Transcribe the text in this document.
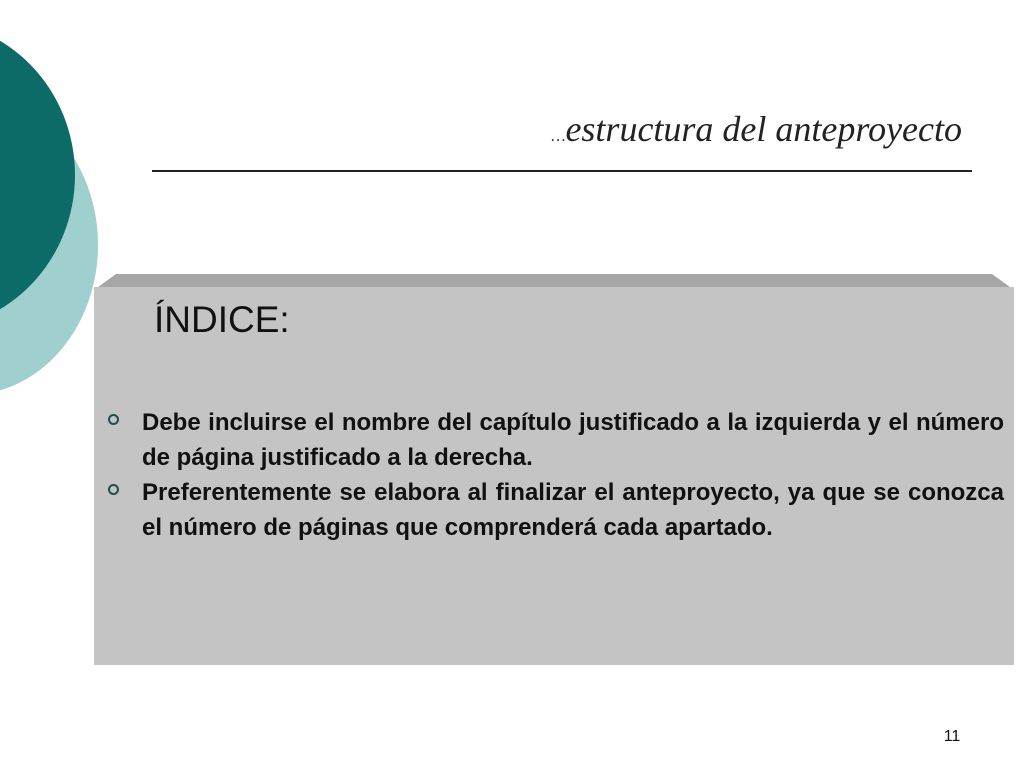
…estructura del anteproyecto
ÍNDICE:
Debe incluirse el nombre del capítulo justificado a la izquierda y el número de página justificado a la derecha.
Preferentemente se elabora al finalizar el anteproyecto, ya que se conozca el número de páginas que comprenderá cada apartado.
11
